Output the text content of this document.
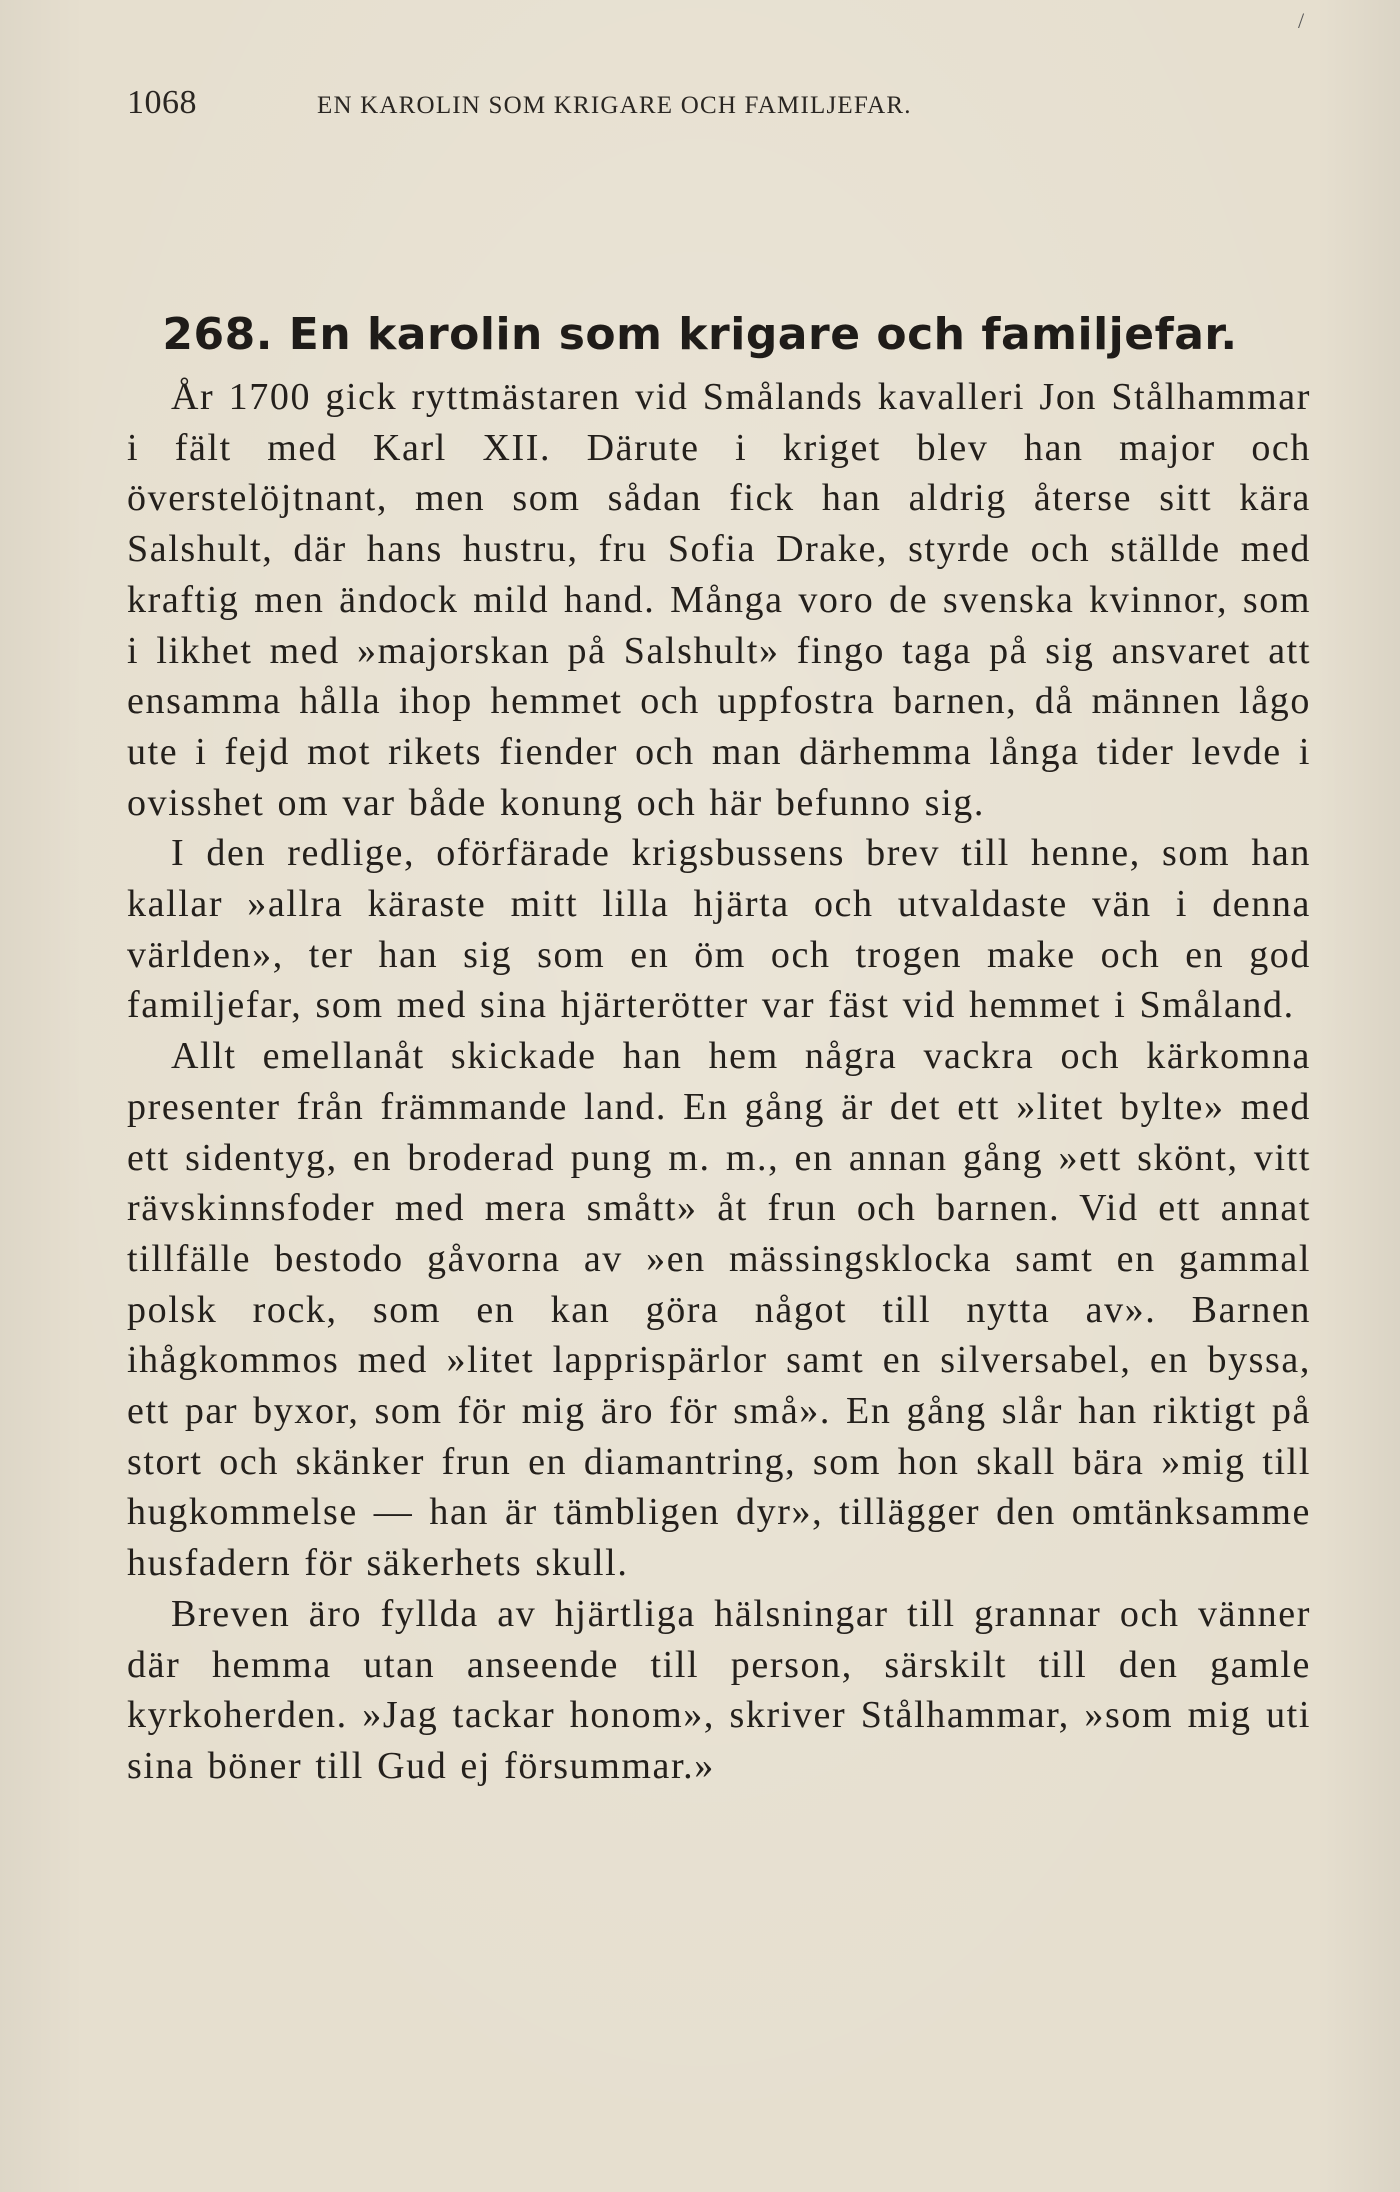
/
1068	EN KAROLIN SOM KRIGARE OCH FAMILJEFAR.
268. En karolin som krigare och familjefar.

År 1700 gick ryttmästaren vid Smålands kavalleri Jon Stålhammar i fält med Karl XII. Därute i kriget blev han major och överstelöjtnant, men som sådan fick han aldrig återse sitt kära Salshult, där hans hustru, fru Sofia Drake, styrde och ställde med kraftig men ändock mild hand. Många voro de svenska kvinnor, som i likhet med »majorskan på Salshult» fingo taga på sig ansvaret att ensamma hålla ihop hemmet och uppfostra barnen, då männen lågo ute i fejd mot rikets fiender och man därhemma långa tider levde i ovisshet om var både konung och här befunno sig.

I den redlige, oförfärade krigsbussens brev till henne, som han kallar »allra käraste mitt lilla hjärta och utvaldaste vän i denna världen», ter han sig som en öm och trogen make och en god familjefar, som med sina hjärterötter var fäst vid hemmet i Småland.

Allt emellanåt skickade han hem några vackra och kärkomna presenter från främmande land. En gång är det ett »litet bylte» med ett sidentyg, en broderad pung m. m., en annan gång »ett skönt, vitt rävskinnsfoder med mera smått» åt frun och barnen. Vid ett annat tillfälle bestodo gåvorna av »en mässingsklocka samt en gammal polsk rock, som en kan göra något till nytta av». Barnen ihågkommos med »litet lapprispärlor samt en silversabel, en byssa, ett par byxor, som för mig äro för små». En gång slår han riktigt på stort och skänker frun en diamantring, som hon skall bära »mig till hugkommelse — han är tämbligen dyr», tillägger den omtänksamme husfadern för säkerhets skull.

Breven äro fyllda av hjärtliga hälsningar till grannar och vänner där hemma utan anseende till person, särskilt till den gamle kyrkoherden. »Jag tackar honom», skriver Stålhammar, »som mig uti sina böner till Gud ej försummar.»
